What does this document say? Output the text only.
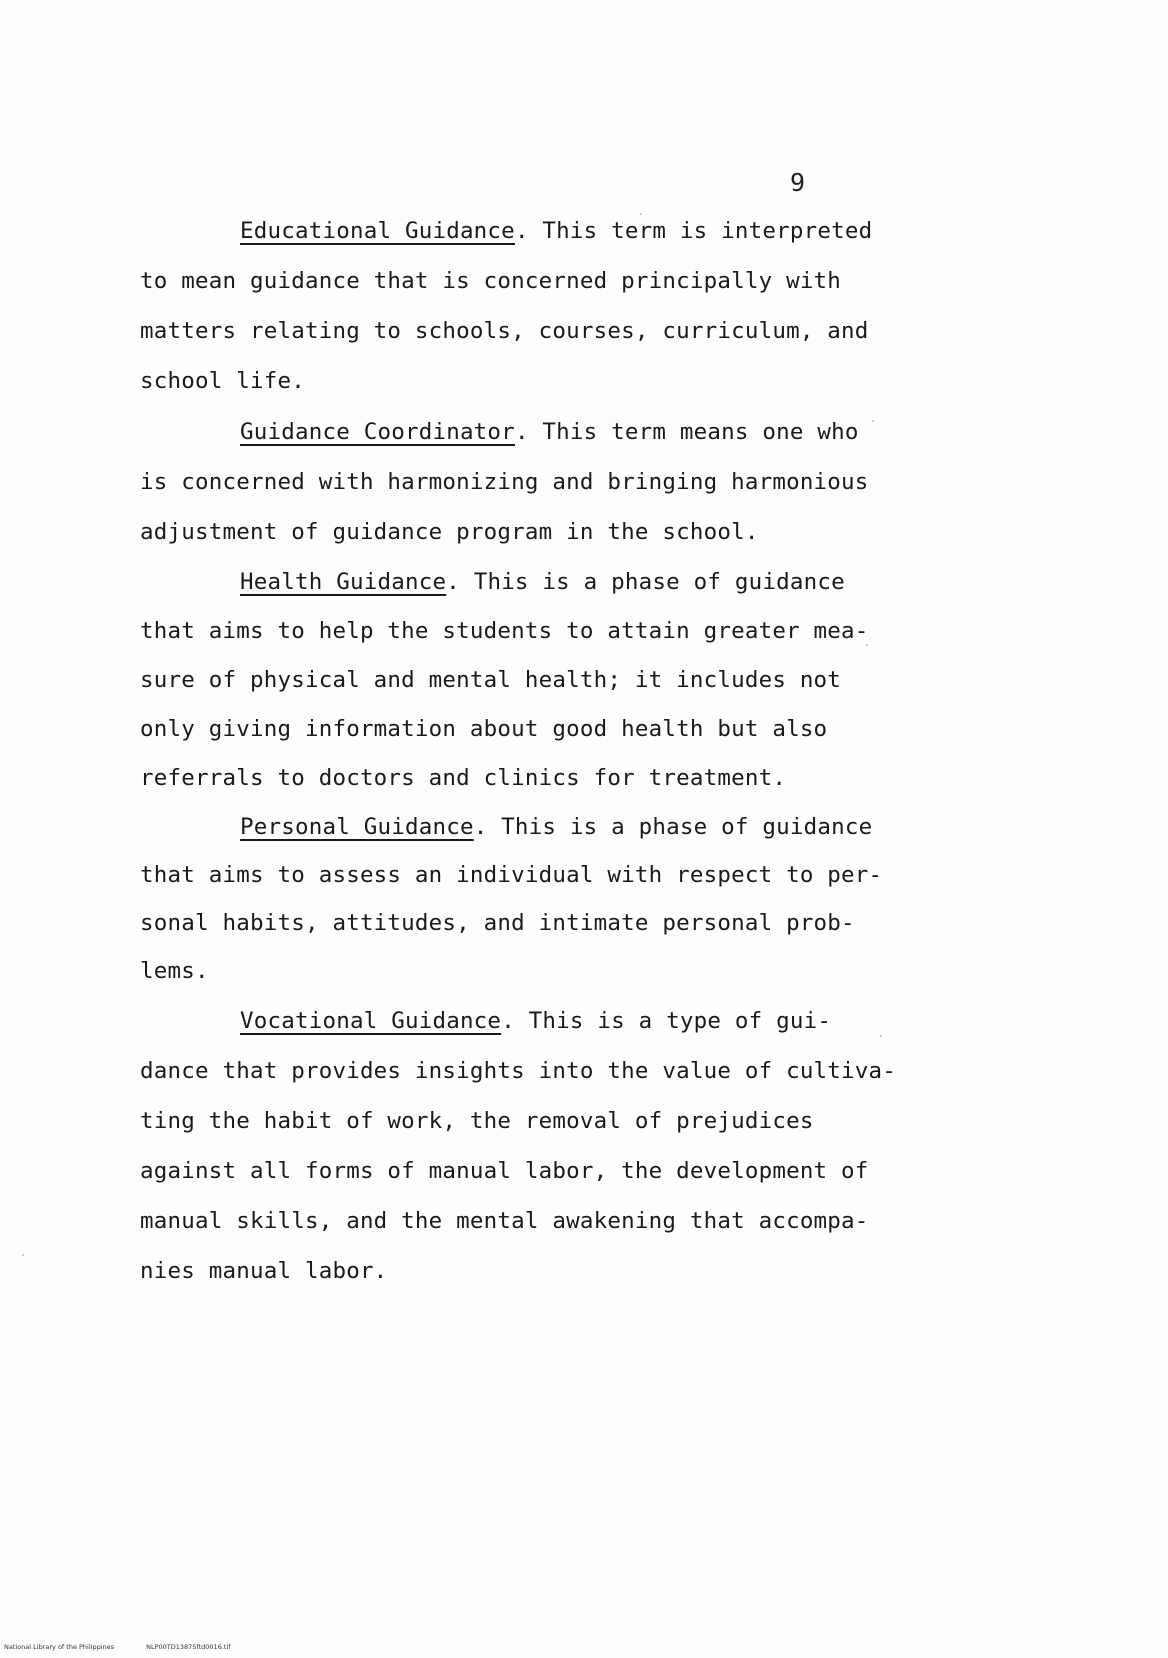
9
Educational Guidance. This term is interpreted
to mean guidance that is concerned principally with
matters relating to schools, courses, curriculum, and
school life.
Guidance Coordinator. This term means one who
is concerned with harmonizing and bringing harmonious
adjustment of guidance program in the school.
Health Guidance. This is a phase of guidance
that aims to help the students to attain greater mea-
sure of physical and mental health; it includes not
only giving information about good health but also
referrals to doctors and clinics for treatment.
Personal Guidance. This is a phase of guidance
that aims to assess an individual with respect to per-
sonal habits, attitudes, and intimate personal prob-
lems.
Vocational Guidance. This is a type of gui-
dance that provides insights into the value of cultiva-
ting the habit of work, the removal of prejudices
against all forms of manual labor, the development of
manual skills, and the mental awakening that accompa-
nies manual labor.
National Library of the Philippines	NLP00TD13875ftd0016.tif
